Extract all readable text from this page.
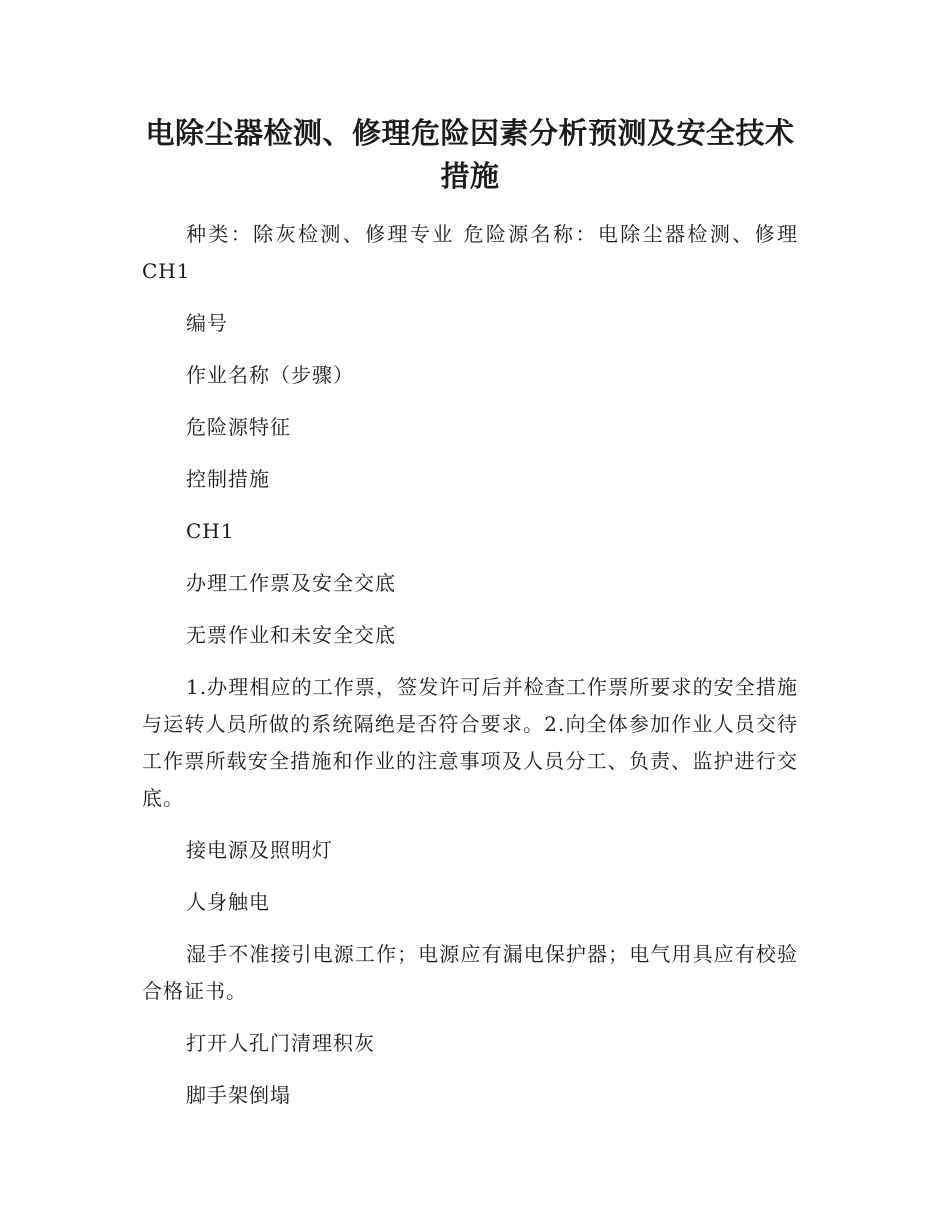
电除尘器检测、修理危险因素分析预测及安全技术措施

种类：除灰检测、修理专业 危险源名称：电除尘器检测、修理CH1

编号

作业名称（步骤）

危险源特征

控制措施

CH1

办理工作票及安全交底

无票作业和未安全交底

1.办理相应的工作票，签发许可后并检查工作票所要求的安全措施与运转人员所做的系统隔绝是否符合要求。2.向全体参加作业人员交待工作票所载安全措施和作业的注意事项及人员分工、负责、监护进行交底。

接电源及照明灯

人身触电

湿手不准接引电源工作；电源应有漏电保护器；电气用具应有校验合格证书。

打开人孔门清理积灰

脚手架倒塌
